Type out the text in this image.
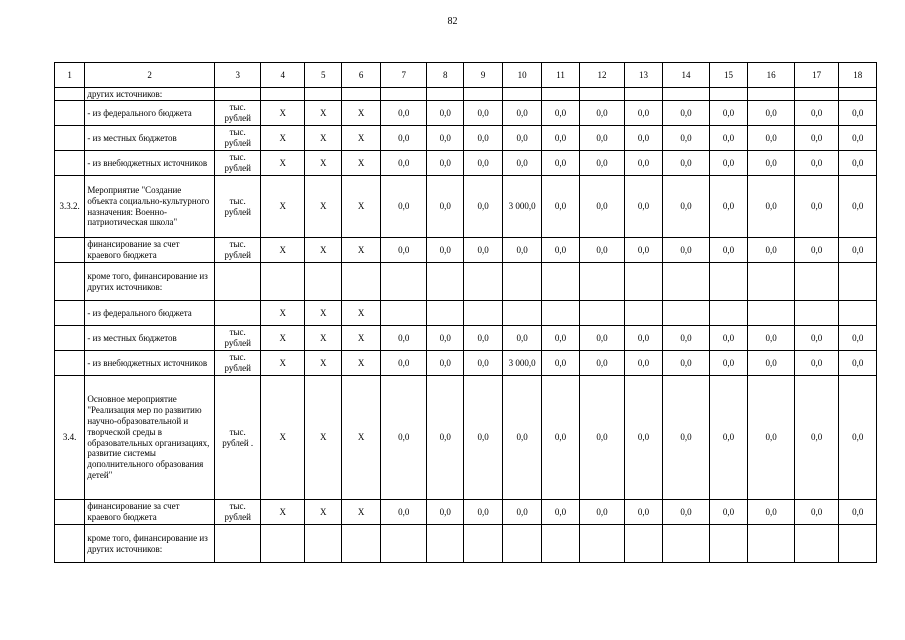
82
1	2	3	4	5	6	7	8	9	10	11	12	13	14	15	16	17	18
	других источников:																
	- из федерального бюджета	тыс. рублей	Х	Х	Х	0,0	0,0	0,0	0,0	0,0	0,0	0,0	0,0	0,0	0,0	0,0	0,0
	- из местных бюджетов	тыс. рублей	Х	Х	Х	0,0	0,0	0,0	0,0	0,0	0,0	0,0	0,0	0,0	0,0	0,0	0,0
	- из внебюджетных источников	тыс. рублей	Х	Х	Х	0,0	0,0	0,0	0,0	0,0	0,0	0,0	0,0	0,0	0,0	0,0	0,0
3.3.2.	Мероприятие "Создание объекта социально-культурного назначения: Военно-патриотическая школа"	тыс. рублей	Х	Х	Х	0,0	0,0	0,0	3 000,0	0,0	0,0	0,0	0,0	0,0	0,0	0,0	0,0
	финансирование за счет краевого бюджета	тыс. рублей	Х	Х	Х	0,0	0,0	0,0	0,0	0,0	0,0	0,0	0,0	0,0	0,0	0,0	0,0
	кроме того, финансирование из других источников:																
	- из федерального бюджета		Х	Х	Х												
	- из местных бюджетов	тыс. рублей	Х	Х	Х	0,0	0,0	0,0	0,0	0,0	0,0	0,0	0,0	0,0	0,0	0,0	0,0
	- из внебюджетных источников	тыс. рублей	Х	Х	Х	0,0	0,0	0,0	3 000,0	0,0	0,0	0,0	0,0	0,0	0,0	0,0	0,0
3.4.	Основное мероприятие "Реализация мер по развитию научно-образовательной и творческой среды в образовательных организациях, развитие системы дополнительного образования детей"	тыс. рублей .	Х	Х	Х	0,0	0,0	0,0	0,0	0,0	0,0	0,0	0,0	0,0	0,0	0,0	0,0
	финансирование за счет краевого бюджета	тыс. рублей	Х	Х	Х	0,0	0,0	0,0	0,0	0,0	0,0	0,0	0,0	0,0	0,0	0,0	0,0
	кроме того, финансирование из других источников:																
